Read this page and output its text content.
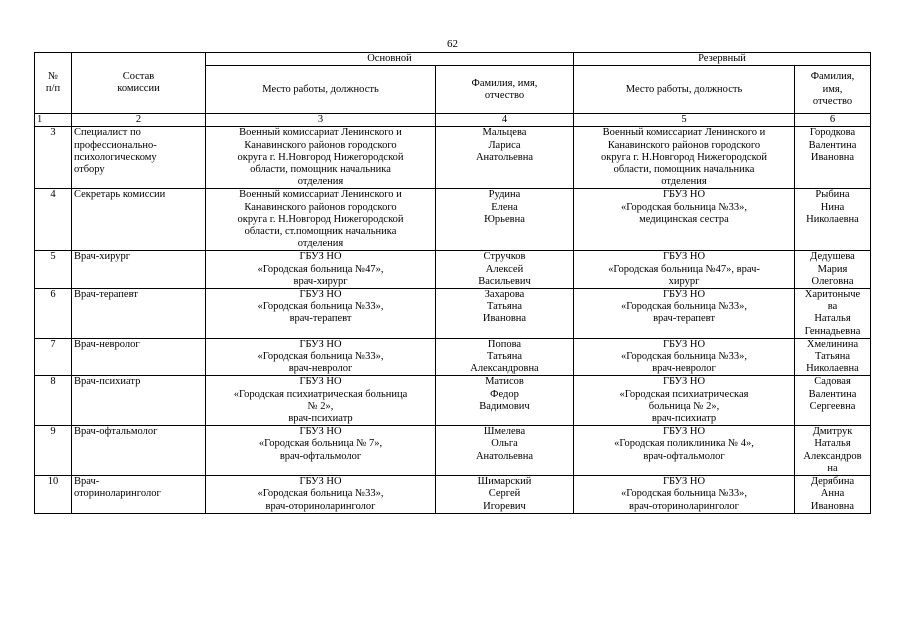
62
№
п/п	Состав
комиссии	Основной		Резервный	
		Место работы, должность	Фамилия, имя,
отчество	Место работы, должность	Фамилия,
имя,
отчество
1	2	3	4	5	6
3	Специалист по
профессионально-
психологическому
отбору	Военный комиссариат Ленинского и
Канавинского районов городского
округа г. Н.Новгород Нижегородской
области, помощник начальника
отделения	Мальцева
Лариса
Анатольевна	Военный комиссариат Ленинского и
Канавинского районов городского
округа г. Н.Новгород Нижегородской
области, помощник начальника
отделения	Городкова
Валентина
Ивановна
4	Секретарь комиссии	Военный комиссариат Ленинского и
Канавинского районов городского
округа г. Н.Новгород Нижегородской
области, ст.помощник начальника
отделения	Рудина
Елена
Юрьевна	ГБУЗ НО
«Городская больница №33»,
медицинская сестра	Рыбина
Нина
Николаевна
5	Врач-хирург	ГБУЗ НО
«Городская больница №47»,
врач-хирург	Стручков
Алексей
Васильевич	ГБУЗ НО
«Городская больница №47», врач-
хирург	Дедушева
Мария
Олеговна
6	Врач-терапевт	ГБУЗ НО
«Городская больница №33»,
врач-терапевт	Захарова
Татьяна
Ивановна	ГБУЗ НО
«Городская больница №33»,
врач-терапевт	Харитоныче
ва
Наталья
Геннадьевна
7	Врач-невролог	ГБУЗ НО
«Городская больница №33»,
врач-невролог	Попова
Татьяна
Александровна	ГБУЗ НО
«Городская больница №33»,
врач-невролог	Хмелинина
Татьяна
Николаевна
8	Врач-психиатр	ГБУЗ НО
«Городская психиатрическая больница
№ 2»,
врач-психиатр	Матисов
Федор
Вадимович	ГБУЗ НО
«Городская психиатрическая
больница № 2»,
врач-психиатр	Садовая
Валентина
Сергеевна
9	Врач-офтальмолог	ГБУЗ НО
«Городская больница № 7»,
врач-офтальмолог	Шмелева
Ольга
Анатольевна	ГБУЗ НО
«Городская поликлиника № 4»,
врач-офтальмолог	Дмитрук
Наталья
Александров
на
10	Врач-
оториноларинголог	ГБУЗ НО
«Городская больница №33»,
врач-оториноларинголог	Шимарский
Сергей
Игоревич	ГБУЗ НО
«Городская больница №33»,
врач-оториноларинголог	Дерябина
Анна
Ивановна
